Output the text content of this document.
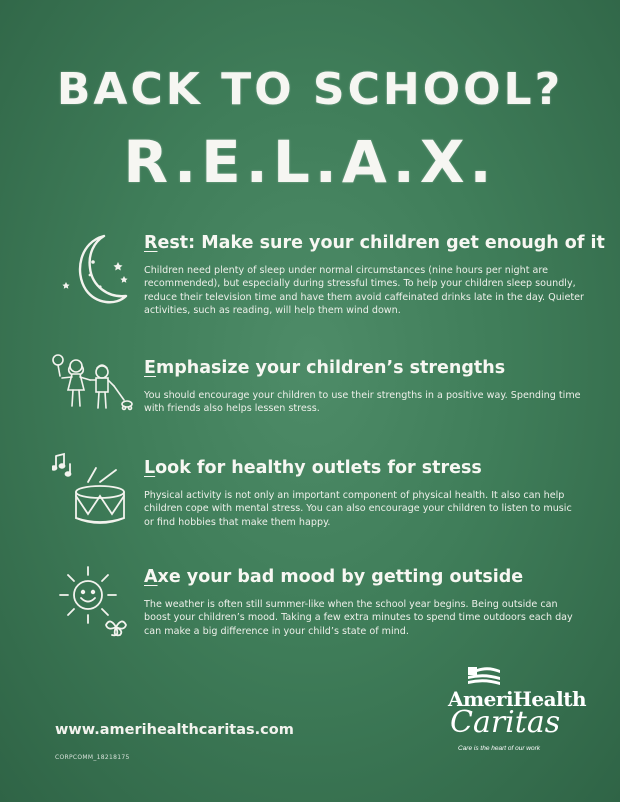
BACK TO SCHOOL?
R.E.L.A.X.
Rest: Make sure your children get enough of it

Children need plenty of sleep under normal circumstances (nine hours per night are recommended), but especially during stressful times. To help your children sleep soundly, reduce their television time and have them avoid caffeinated drinks late in the day. Quieter activities, such as reading, will help them wind down.

Emphasize your children’s strengths

You should encourage your children to use their strengths in a positive way. Spending time with friends also helps lessen stress.

Look for healthy outlets for stress

Physical activity is not only an important component of physical health. It also can help children cope with mental stress. You can also encourage your children to listen to music or find hobbies that make them happy.

Axe your bad mood by getting outside

The weather is often still summer-like when the school year begins. Being outside can boost your children’s mood. Taking a few extra minutes to spend time outdoors each day can make a big difference in your child’s state of mind.

www.amerihealthcaritas.com
CORPCOMM_18218175
AmeriHealth
Caritas
Care is the heart of our work
